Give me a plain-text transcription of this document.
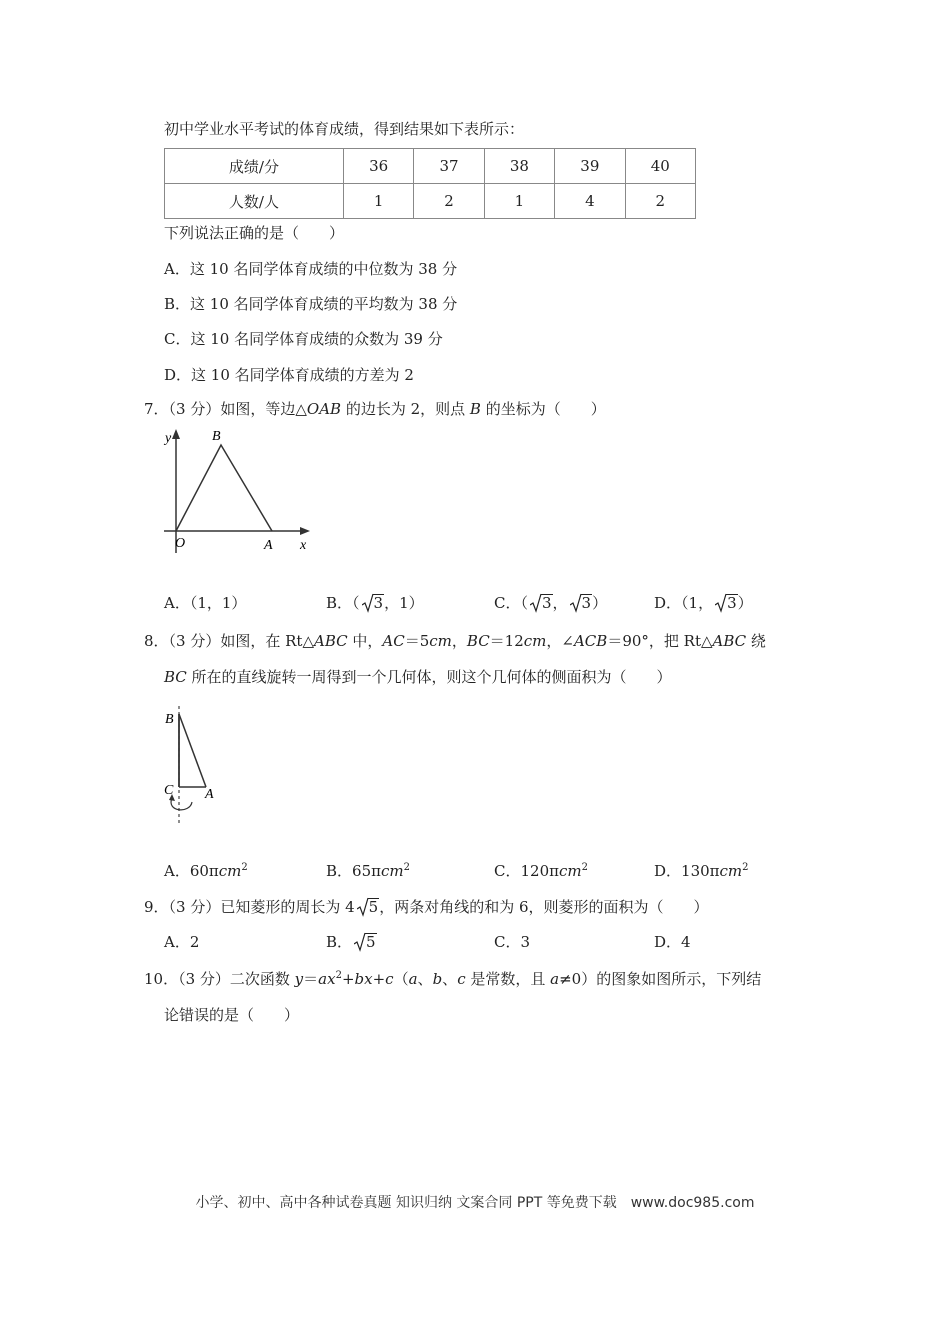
初中学业水平考试的体育成绩，得到结果如下表所示：
成绩/分	36	37	38	39	40
人数/人	1	2	1	4	2
下列说法正确的是（　　）
A．这 10 名同学体育成绩的中位数为 38 分
B．这 10 名同学体育成绩的平均数为 38 分
C．这 10 名同学体育成绩的众数为 39 分
D．这 10 名同学体育成绩的方差为 2
7．（3 分）如图，等边△OAB 的边长为 2，则点 B 的坐标为（　　）
y	B
O	A x
A．（1，1）	B．（ 3，1）	C．（ 3， 3）	D．（1， 3）
8．（3 分）如图，在 Rt△ABC 中，AC＝5cm，BC＝12cm，∠ACB＝90°，把 Rt△ABC 绕
BC 所在的直线旋转一周得到一个几何体，则这个几何体的侧面积为（　　）
B
C A
A．60πcm$^2$	B．65πcm$^2$	C．120πcm$^2$	D．130πcm$^2$
9．（3 分）已知菱形的周长为 4 5，两条对角线的和为 6，则菱形的面积为（　　）
A．2	B． 5	C．3	D．4
10．（3 分）二次函数 $y=ax^2+bx+c(a$、b、c 是常数，且 a≠0）的图象如图所示，下列结
论错误的是（　　）
小学、初中、高中各种试卷真题 知识归纳 文案合同 PPT 等免费下载　www.doc985.com
